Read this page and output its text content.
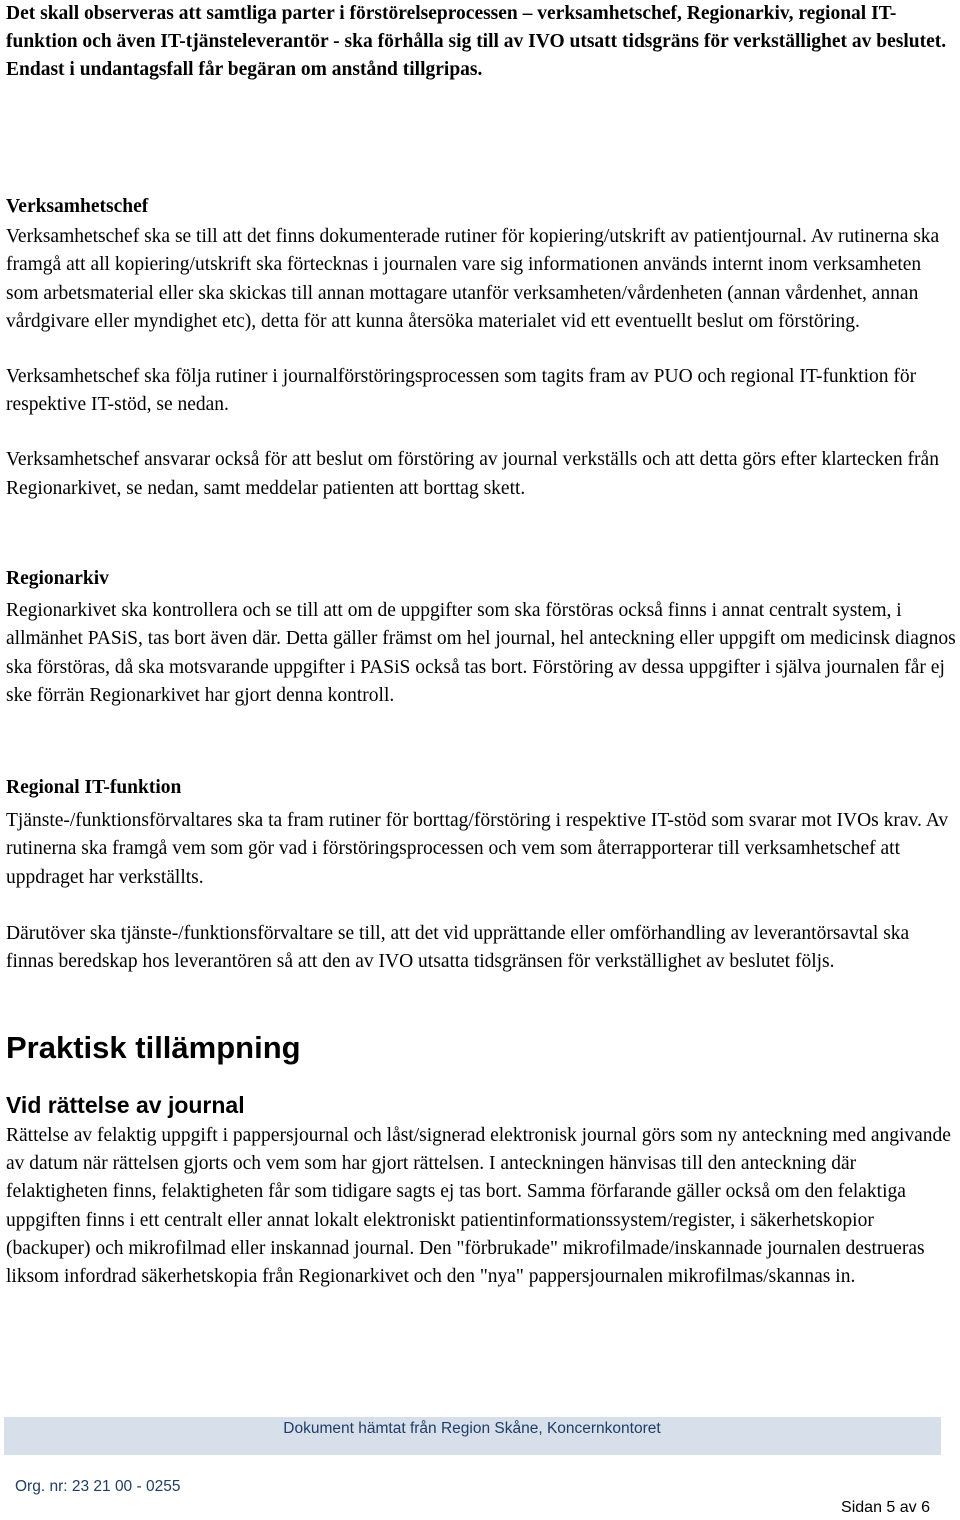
Det skall observeras att samtliga parter i förstörelseprocessen – verksamhetschef, Regionarkiv, regional IT-funktion och även IT-tjänsteleverantör - ska förhålla sig till av IVO utsatt tidsgräns för verkställighet av beslutet. Endast i undantagsfall får begäran om anstånd tillgripas.

Verksamhetschef

Verksamhetschef ska se till att det finns dokumenterade rutiner för kopiering/utskrift av patientjournal. Av rutinerna ska framgå att all kopiering/utskrift ska förtecknas i journalen vare sig informationen används internt inom verksamheten som arbetsmaterial eller ska skickas till annan mottagare utanför verksamheten/vårdenheten (annan vårdenhet, annan vårdgivare eller myndighet etc), detta för att kunna återsöka materialet vid ett eventuellt beslut om förstöring.

Verksamhetschef ska följa rutiner i journalförstöringsprocessen som tagits fram av PUO och regional IT-funktion för respektive IT-stöd, se nedan.

Verksamhetschef ansvarar också för att beslut om förstöring av journal verkställs och att detta görs efter klartecken från Regionarkivet, se nedan, samt meddelar patienten att borttag skett.

Regionarkiv

Regionarkivet ska kontrollera och se till att om de uppgifter som ska förstöras också finns i annat centralt system, i allmänhet PASiS, tas bort även där. Detta gäller främst om hel journal, hel anteckning eller uppgift om medicinsk diagnos ska förstöras, då ska motsvarande uppgifter i PASiS också tas bort. Förstöring av dessa uppgifter i själva journalen får ej ske förrän Regionarkivet har gjort denna kontroll.

Regional IT-funktion

Tjänste-/funktionsförvaltares ska ta fram rutiner för borttag/förstöring i respektive IT-stöd som svarar mot IVOs krav. Av rutinerna ska framgå vem som gör vad i förstöringsprocessen och vem som återrapporterar till verksamhetschef att uppdraget har verkställts.

Därutöver ska tjänste-/funktionsförvaltare se till, att det vid upprättande eller omförhandling av leverantörsavtal ska finnas beredskap hos leverantören så att den av IVO utsatta tidsgränsen för verkställighet av beslutet följs.

Praktisk tillämpning
Vid rättelse av journal

Rättelse av felaktig uppgift i pappersjournal och låst/signerad elektronisk journal görs som ny anteckning med angivande av datum när rättelsen gjorts och vem som har gjort rättelsen. I anteckningen hänvisas till den anteckning där felaktigheten finns, felaktigheten får som tidigare sagts ej tas bort. Samma förfarande gäller också om den felaktiga uppgiften finns i ett centralt eller annat lokalt elektroniskt patientinformationssystem/register, i säkerhetskopior (backuper) och mikrofilmad eller inskannad journal. Den "förbrukade" mikrofilmade/inskannade journalen destrueras liksom infordrad säkerhetskopia från Regionarkivet och den "nya" pappersjournalen mikrofilmas/skannas in.

Dokument hämtat från Region Skåne, Koncernkontoret
Org. nr: 23 21 00 - 0255
Sidan 5 av 6
